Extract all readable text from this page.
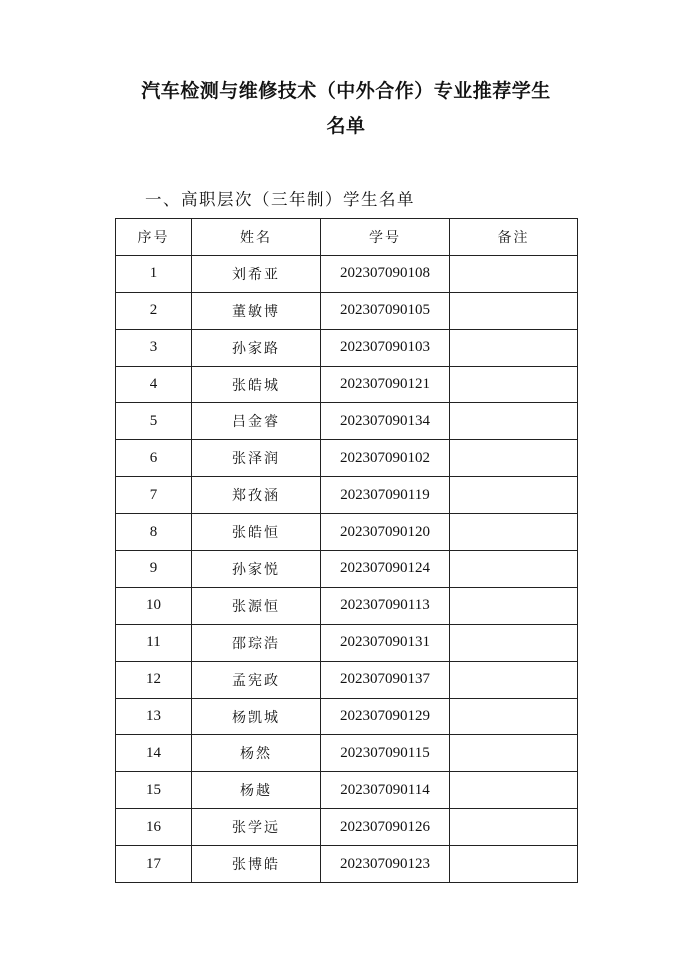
汽车检测与维修技术（中外合作）专业推荐学生
名单
一、高职层次（三年制）学生名单
序号	姓名	学号	备注
1	刘希亚	202307090108	
2	董敏博	202307090105	
3	孙家路	202307090103	
4	张皓城	202307090121	
5	吕金睿	202307090134	
6	张泽润	202307090102	
7	郑孜涵	202307090119	
8	张皓恒	202307090120	
9	孙家悦	202307090124	
10	张源恒	202307090113	
11	邵琮浩	202307090131	
12	孟宪政	202307090137	
13	杨凯城	202307090129	
14	杨然	202307090115	
15	杨越	202307090114	
16	张学远	202307090126	
17	张博皓	202307090123	
